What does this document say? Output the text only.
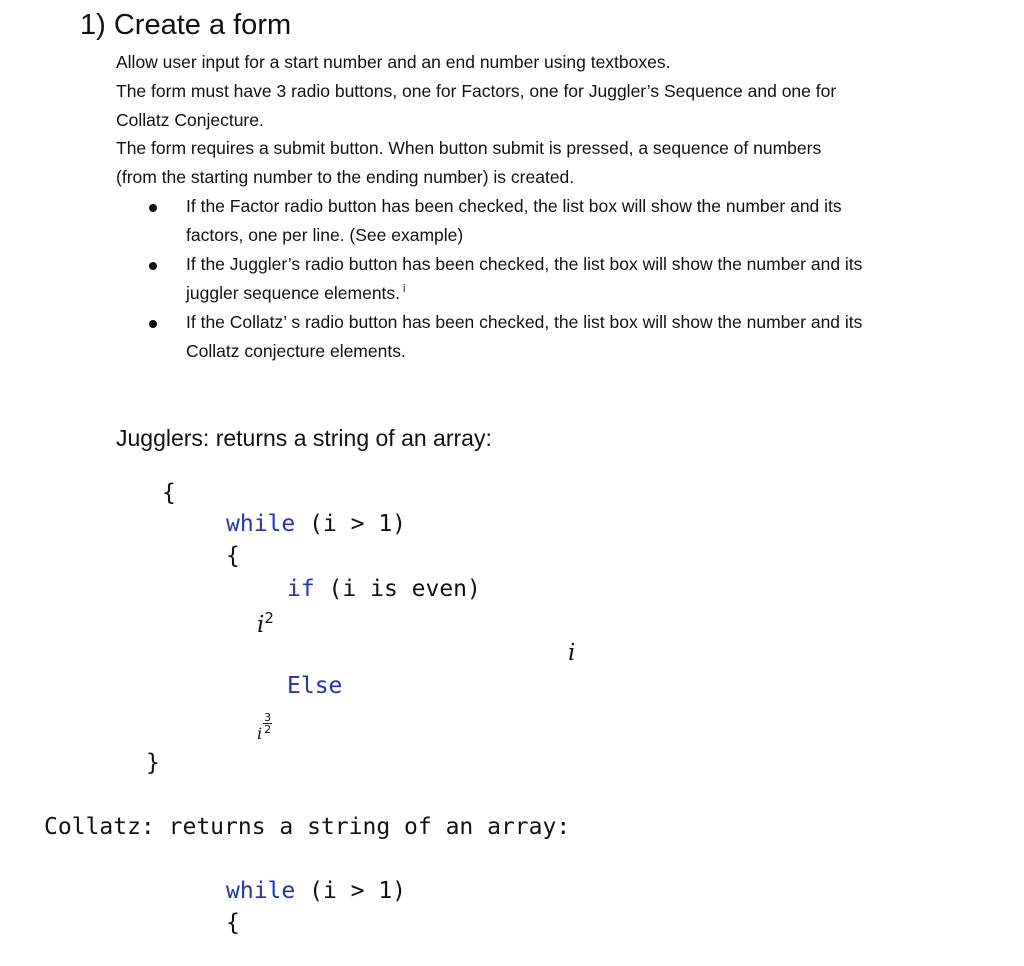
1) Create a form
Allow user input for a start number and an end number using textboxes.
The form must have 3 radio buttons, one for Factors, one for Juggler’s Sequence and one for
Collatz Conjecture.
The form requires a submit button. When button submit is pressed, a sequence of numbers
(from the starting number to the ending number) is created.
If the Factor radio button has been checked, the list box will show the number and its
factors, one per line. (See example)
If the Juggler’s radio button has been checked, the list box will show the number and its
juggler sequence elements. $^i$
If the Collatz’ s radio button has been checked, the list box will show the number and its
Collatz conjecture elements.
Jugglers: returns a string of an array:
{
while (i > 1)
{
if (i is even)
$i^2$
i
Else
i $\frac{3}{2}$
}
Collatz: returns a string of an array:
while (i > 1)
{
